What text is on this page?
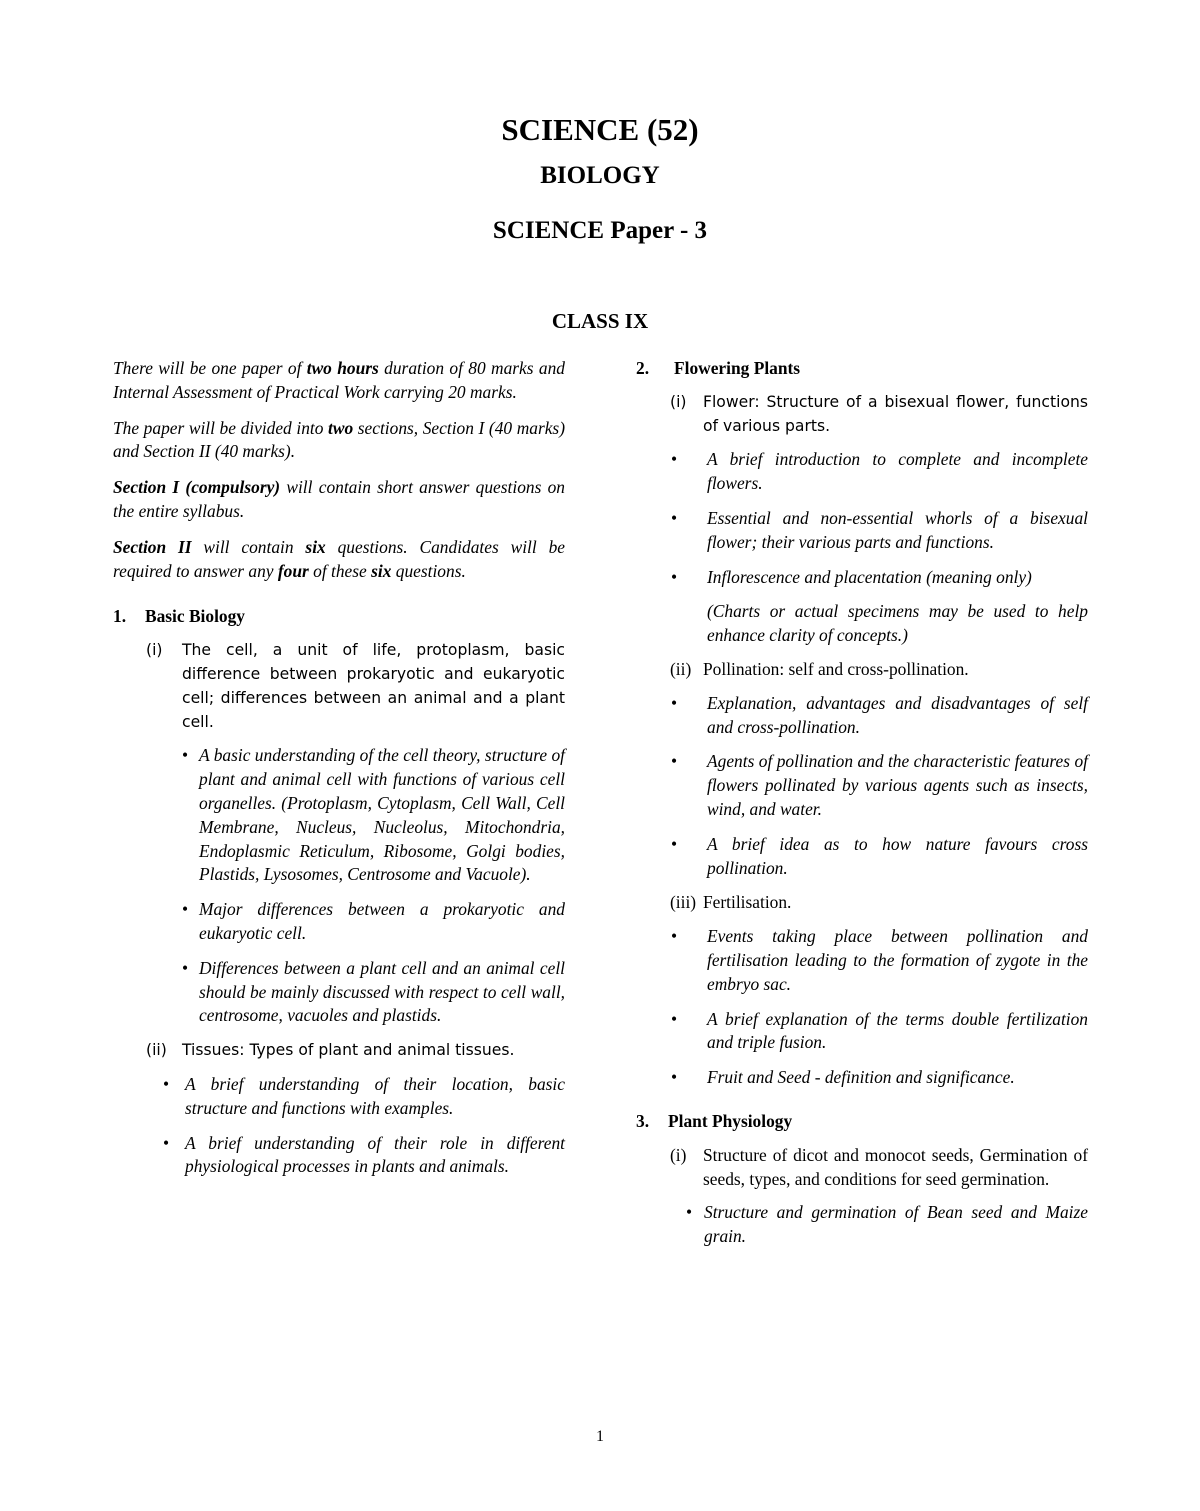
SCIENCE (52)
BIOLOGY
SCIENCE Paper - 3
CLASS IX

There will be one paper of two hours duration of 80 marks and Internal Assessment of Practical Work carrying 20 marks.

The paper will be divided into two sections, Section I (40 marks) and Section II (40 marks).

Section I (compulsory) will contain short answer questions on the entire syllabus.

Section II will contain six questions. Candidates will be required to answer any four of these six questions.

1. Basic Biology
(i) The cell, a unit of life, protoplasm, basic difference between prokaryotic and eukaryotic cell; differences between an animal and a plant cell.
• A basic understanding of the cell theory, structure of plant and animal cell with functions of various cell organelles. (Protoplasm, Cytoplasm, Cell Wall, Cell Membrane, Nucleus, Nucleolus, Mitochondria, Endoplasmic Reticulum, Ribosome, Golgi bodies, Plastids, Lysosomes, Centrosome and Vacuole).
• Major differences between a prokaryotic and eukaryotic cell.
• Differences between a plant cell and an animal cell should be mainly discussed with respect to cell wall, centrosome, vacuoles and plastids.
(ii) Tissues: Types of plant and animal tissues.
• A brief understanding of their location, basic structure and functions with examples.
• A brief understanding of their role in different physiological processes in plants and animals.
2. Flowering Plants
(i) Flower: Structure of a bisexual flower, functions of various parts.
• A brief introduction to complete and incomplete flowers.
• Essential and non-essential whorls of a bisexual flower; their various parts and functions.
• Inflorescence and placentation (meaning only)

(Charts or actual specimens may be used to help enhance clarity of concepts.)

(ii) Pollination: self and cross-pollination.
• Explanation, advantages and disadvantages of self and cross-pollination.
• Agents of pollination and the characteristic features of flowers pollinated by various agents such as insects, wind, and water.
• A brief idea as to how nature favours cross pollination.
(iii) Fertilisation.
• Events taking place between pollination and fertilisation leading to the formation of zygote in the embryo sac.
• A brief explanation of the terms double fertilization and triple fusion.
• Fruit and Seed - definition and significance.
3. Plant Physiology
(i) Structure of dicot and monocot seeds, Germination of seeds, types, and conditions for seed germination.
• Structure and germination of Bean seed and Maize grain.
1
